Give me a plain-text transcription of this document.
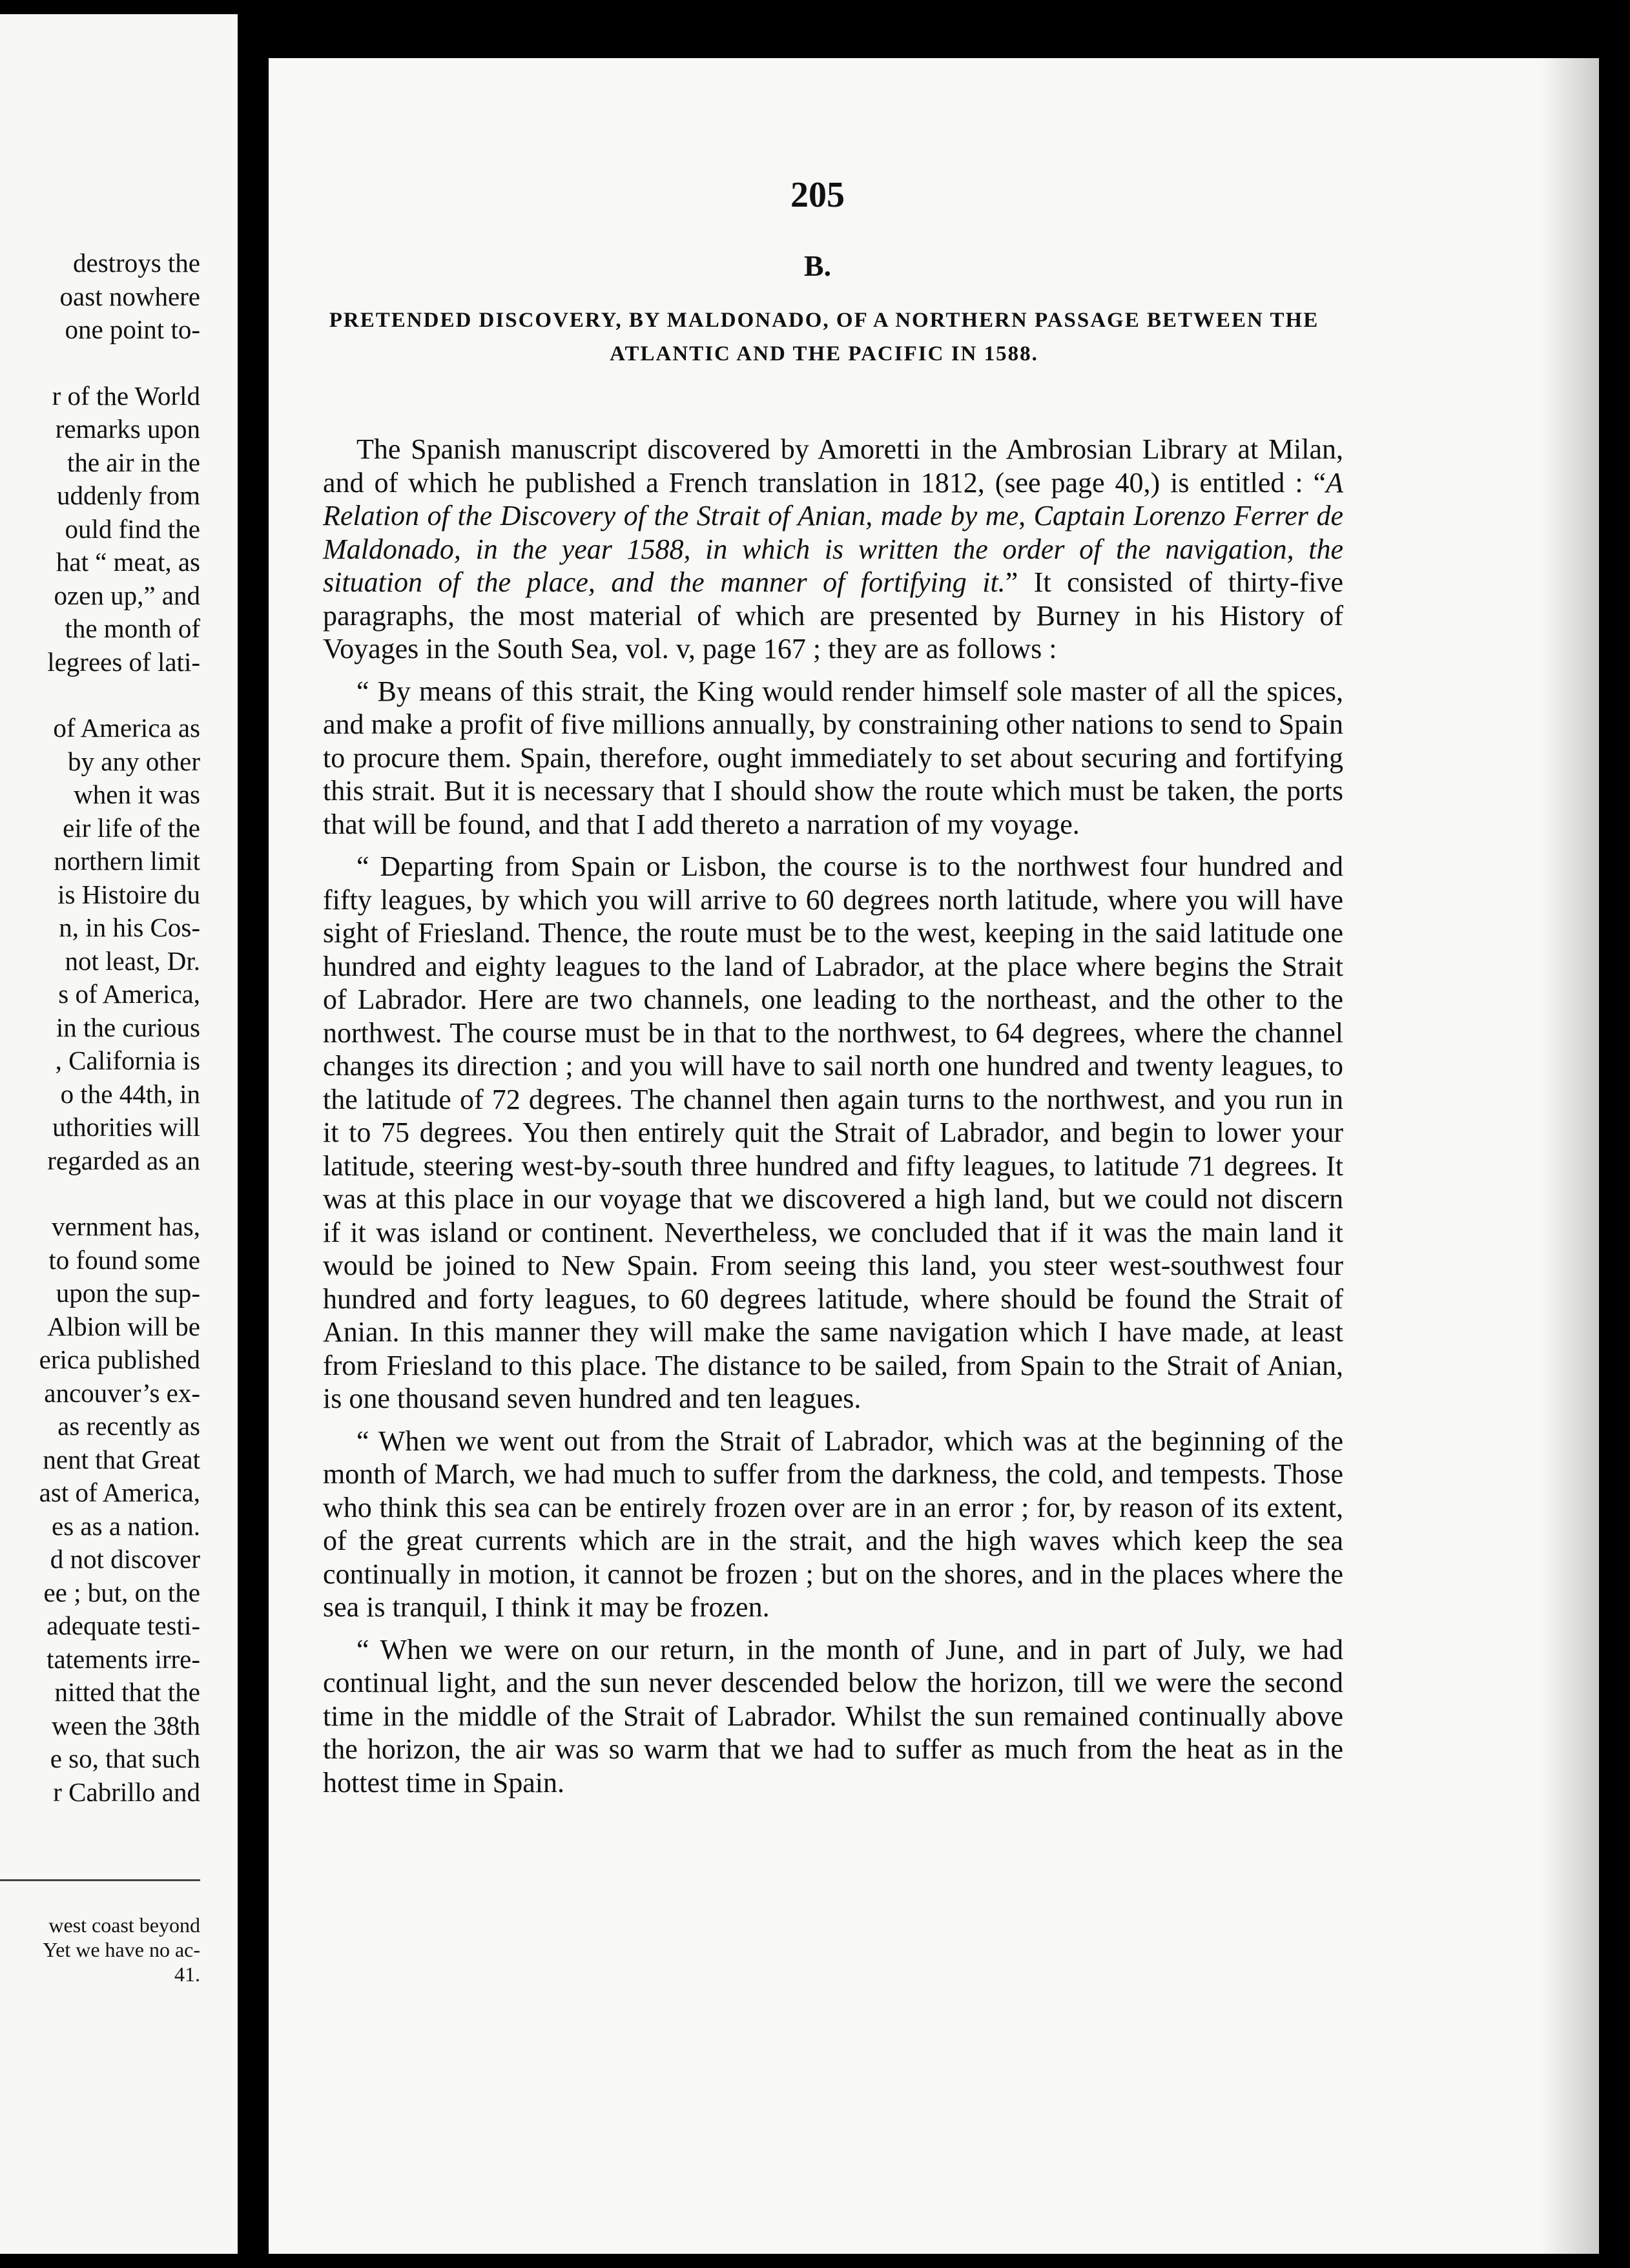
destroys the
oast nowhere
one point to-
r of the World
remarks upon
the air in the
uddenly from
ould find the
hat “ meat, as
ozen up,” and
the month of
legrees of lati-
of America as
by any other
when it was
eir life of the
northern limit
is Histoire du
n, in his Cos-
not least, Dr.
s of America,
in the curious
, California is
o the 44th, in
uthorities will
regarded as an
vernment has,
to found some
upon the sup-
Albion will be
erica published
ancouver’s ex-
as recently as
nent that Great
ast of America,
es as a nation.
d not discover
ee ; but, on the
adequate testi-
tatements irre-
nitted that the
ween the 38th
e so, that such
r Cabrillo and
west coast beyond
Yet we have no ac-
41.
205
B.
PRETENDED DISCOVERY, BY MALDONADO, OF A NORTHERN PASSAGE BETWEEN THE ATLANTIC AND THE PACIFIC IN 1588.

The Spanish manuscript discovered by Amoretti in the Ambrosian Library at Milan, and of which he published a French translation in 1812, (see page 40,) is entitled : “A Relation of the Discovery of the Strait of Anian, made by me, Captain Lorenzo Ferrer de Maldonado, in the year 1588, in which is written the order of the navigation, the situation of the place, and the manner of fortifying it.” It consisted of thirty-five paragraphs, the most material of which are presented by Burney in his History of Voyages in the South Sea, vol. v, page 167 ; they are as follows :

“ By means of this strait, the King would render himself sole master of all the spices, and make a profit of five millions annually, by constraining other nations to send to Spain to procure them. Spain, therefore, ought immediately to set about securing and fortifying this strait. But it is necessary that I should show the route which must be taken, the ports that will be found, and that I add thereto a narration of my voyage.

“ Departing from Spain or Lisbon, the course is to the northwest four hundred and fifty leagues, by which you will arrive to 60 degrees north latitude, where you will have sight of Friesland. Thence, the route must be to the west, keeping in the said latitude one hundred and eighty leagues to the land of Labrador, at the place where begins the Strait of Labrador. Here are two channels, one leading to the northeast, and the other to the northwest. The course must be in that to the northwest, to 64 degrees, where the channel changes its direction ; and you will have to sail north one hundred and twenty leagues, to the latitude of 72 degrees. The channel then again turns to the northwest, and you run in it to 75 degrees. You then entirely quit the Strait of Labrador, and begin to lower your latitude, steering west-by-south three hundred and fifty leagues, to latitude 71 degrees. It was at this place in our voyage that we discovered a high land, but we could not discern if it was island or continent. Nevertheless, we concluded that if it was the main land it would be joined to New Spain. From seeing this land, you steer west-southwest four hundred and forty leagues, to 60 degrees latitude, where should be found the Strait of Anian. In this manner they will make the same navigation which I have made, at least from Friesland to this place. The distance to be sailed, from Spain to the Strait of Anian, is one thousand seven hundred and ten leagues.

“ When we went out from the Strait of Labrador, which was at the beginning of the month of March, we had much to suffer from the darkness, the cold, and tempests. Those who think this sea can be entirely frozen over are in an error ; for, by reason of its extent, of the great currents which are in the strait, and the high waves which keep the sea continually in motion, it cannot be frozen ; but on the shores, and in the places where the sea is tranquil, I think it may be frozen.

“ When we were on our return, in the month of June, and in part of July, we had continual light, and the sun never descended below the horizon, till we were the second time in the middle of the Strait of Labrador. Whilst the sun remained continually above the horizon, the air was so warm that we had to suffer as much from the heat as in the hottest time in Spain.
